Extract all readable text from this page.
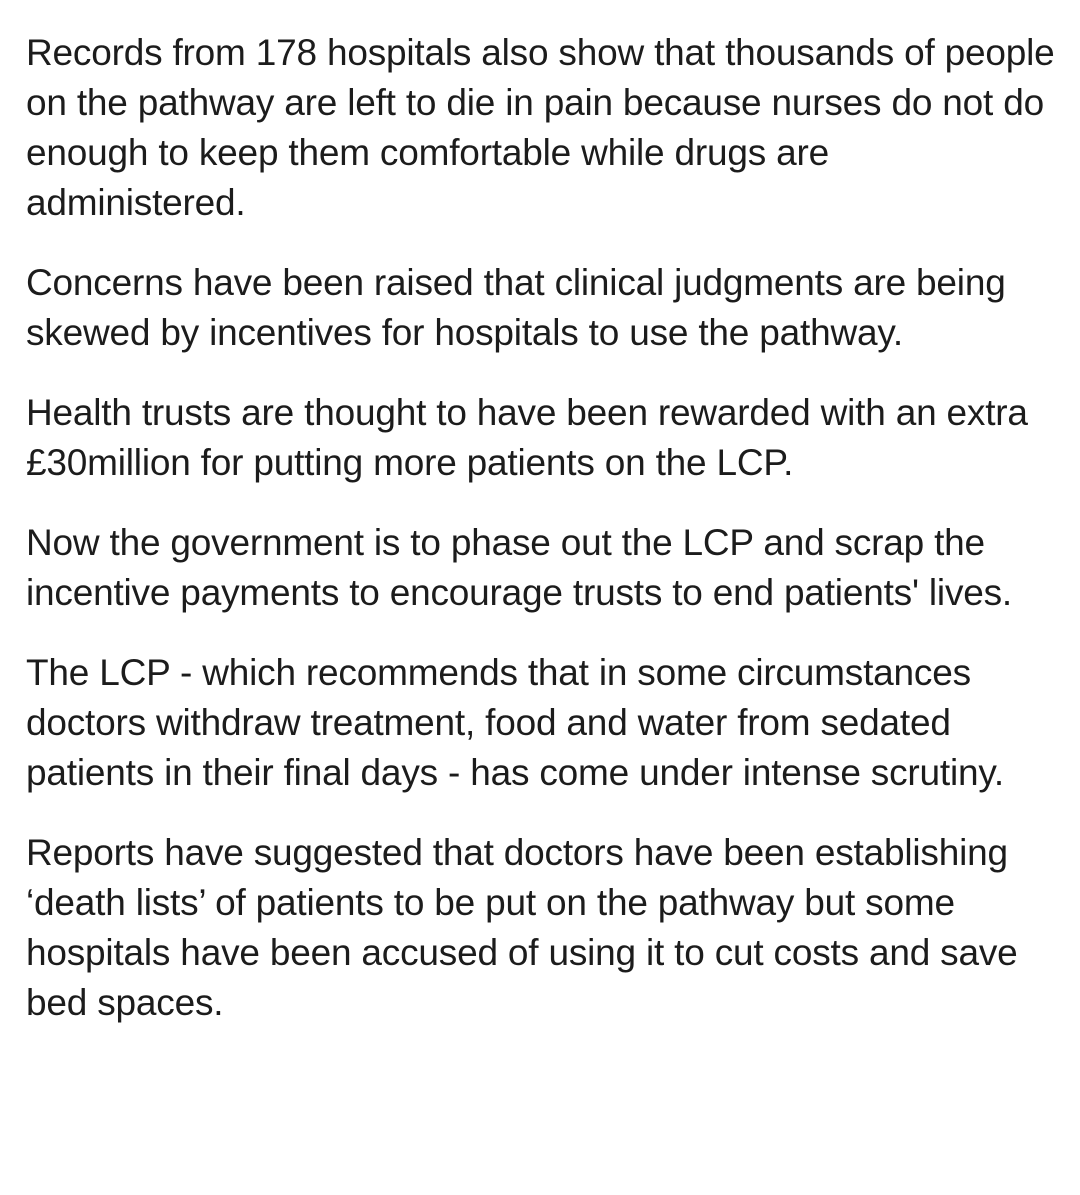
Records from 178 hospitals also show that thousands of people on the pathway are left to die in pain because nurses do not do enough to keep them comfortable while drugs are administered.

Concerns have been raised that clinical judgments are being skewed by incentives for hospitals to use the pathway.

Health trusts are thought to have been rewarded with an extra £30million for putting more patients on the LCP.

Now the government is to phase out the LCP and scrap the incentive payments to encourage trusts to end patients' lives.

The LCP - which recommends that in some circumstances doctors withdraw treatment, food and water from sedated patients in their final days - has come under intense scrutiny.

Reports have suggested that doctors have been establishing ‘death lists’ of patients to be put on the pathway but some hospitals have been accused of using it to cut costs and save bed spaces.
